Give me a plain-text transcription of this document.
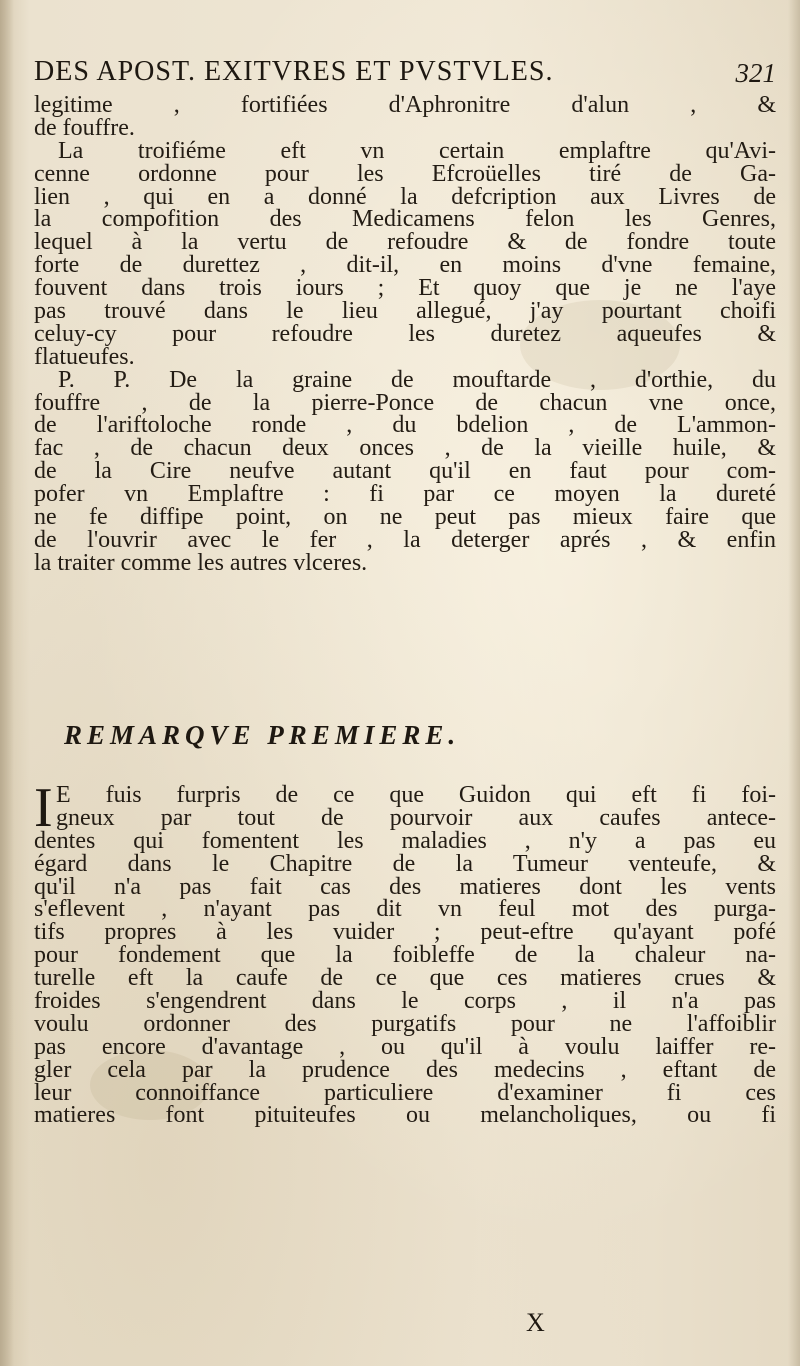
DES APOST. EXITVRES ET PVSTVLES.	321
legitime , fortifiées d'Aphronitre d'alun , &
de fouffre.
La troifiéme eft vn certain emplaftre qu'Avi-
cenne ordonne pour les Efcroüelles tiré de Ga-
lien , qui en a donné la defcription aux Livres de
la compofition des Medicamens felon les Genres,
lequel à la vertu de refoudre & de fondre toute
forte de durettez , dit-il, en moins d'vne femaine,
fouvent dans trois iours ; Et quoy que je ne l'aye
pas trouvé dans le lieu allegué, j'ay pourtant choifi
celuy-cy pour refoudre les duretez aqueufes &
flatueufes.
P. P. De la graine de mouftarde , d'orthie, du
fouffre , de la pierre-Ponce de chacun vne once,
de l'ariftoloche ronde , du bdelion , de L'ammon-
fac , de chacun deux onces , de la vieille huile, &
de la Cire neufve autant qu'il en faut pour com-
pofer vn Emplaftre : fi par ce moyen la dureté
ne fe diffipe point, on ne peut pas mieux faire que
de l'ouvrir avec le fer , la deterger aprés , & enfin
la traiter comme les autres vlceres.
REMARQVE PREMIERE.
I E fuis furpris de ce que Guidon qui eft fi foi-
gneux par tout de pourvoir aux caufes antece-
dentes qui fomentent les maladies , n'y a pas eu
égard dans le Chapitre de la Tumeur venteufe, &
qu'il n'a pas fait cas des matieres dont les vents
s'eflevent , n'ayant pas dit vn feul mot des purga-
tifs propres à les vuider ; peut-eftre qu'ayant pofé
pour fondement que la foibleffe de la chaleur na-
turelle eft la caufe de ce que ces matieres crues &
froides s'engendrent dans le corps , il n'a pas
voulu ordonner des purgatifs pour ne l'affoiblir
pas encore d'avantage , ou qu'il à voulu laiffer re-
gler cela par la prudence des medecins , eftant de
leur connoiffance particuliere d'examiner fi ces
matieres font pituiteufes ou melancholiques, ou fi
X
